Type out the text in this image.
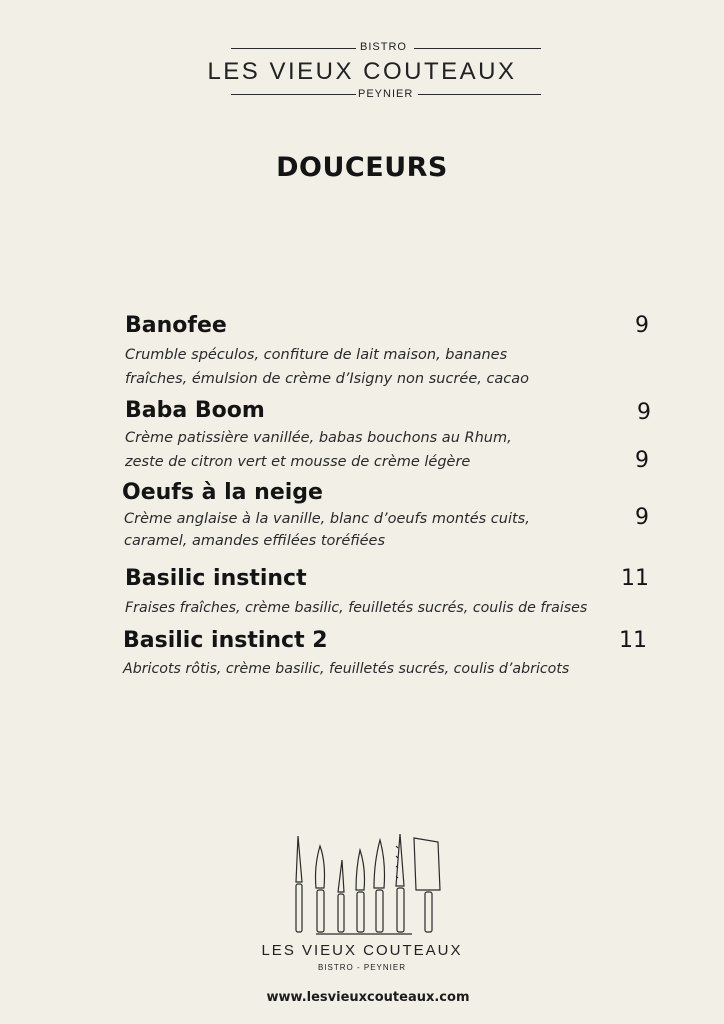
BISTRO
LES VIEUX COUTEAUX
PEYNIER
DOUCEURS
Banofee	9
Crumble spéculos, confiture de lait maison, bananes
fraîches, émulsion de crème d’Isigny non sucrée, cacao
Baba Boom	9
Crème patissière vanillée, babas bouchons au Rhum,
zeste de citron vert et mousse de crème légère	9
Oeufs à la neige
Crème anglaise à la vanille, blanc d’oeufs montés cuits,	9
caramel, amandes effilées toréfiées
Basilic instinct	11
Fraises fraîches, crème basilic, feuilletés sucrés, coulis de fraises
Basilic instinct 2	11
Abricots rôtis, crème basilic, feuilletés sucrés, coulis d’abricots
LES VIEUX COUTEAUX
BISTRO - PEYNIER
www.lesvieuxcouteaux.com
